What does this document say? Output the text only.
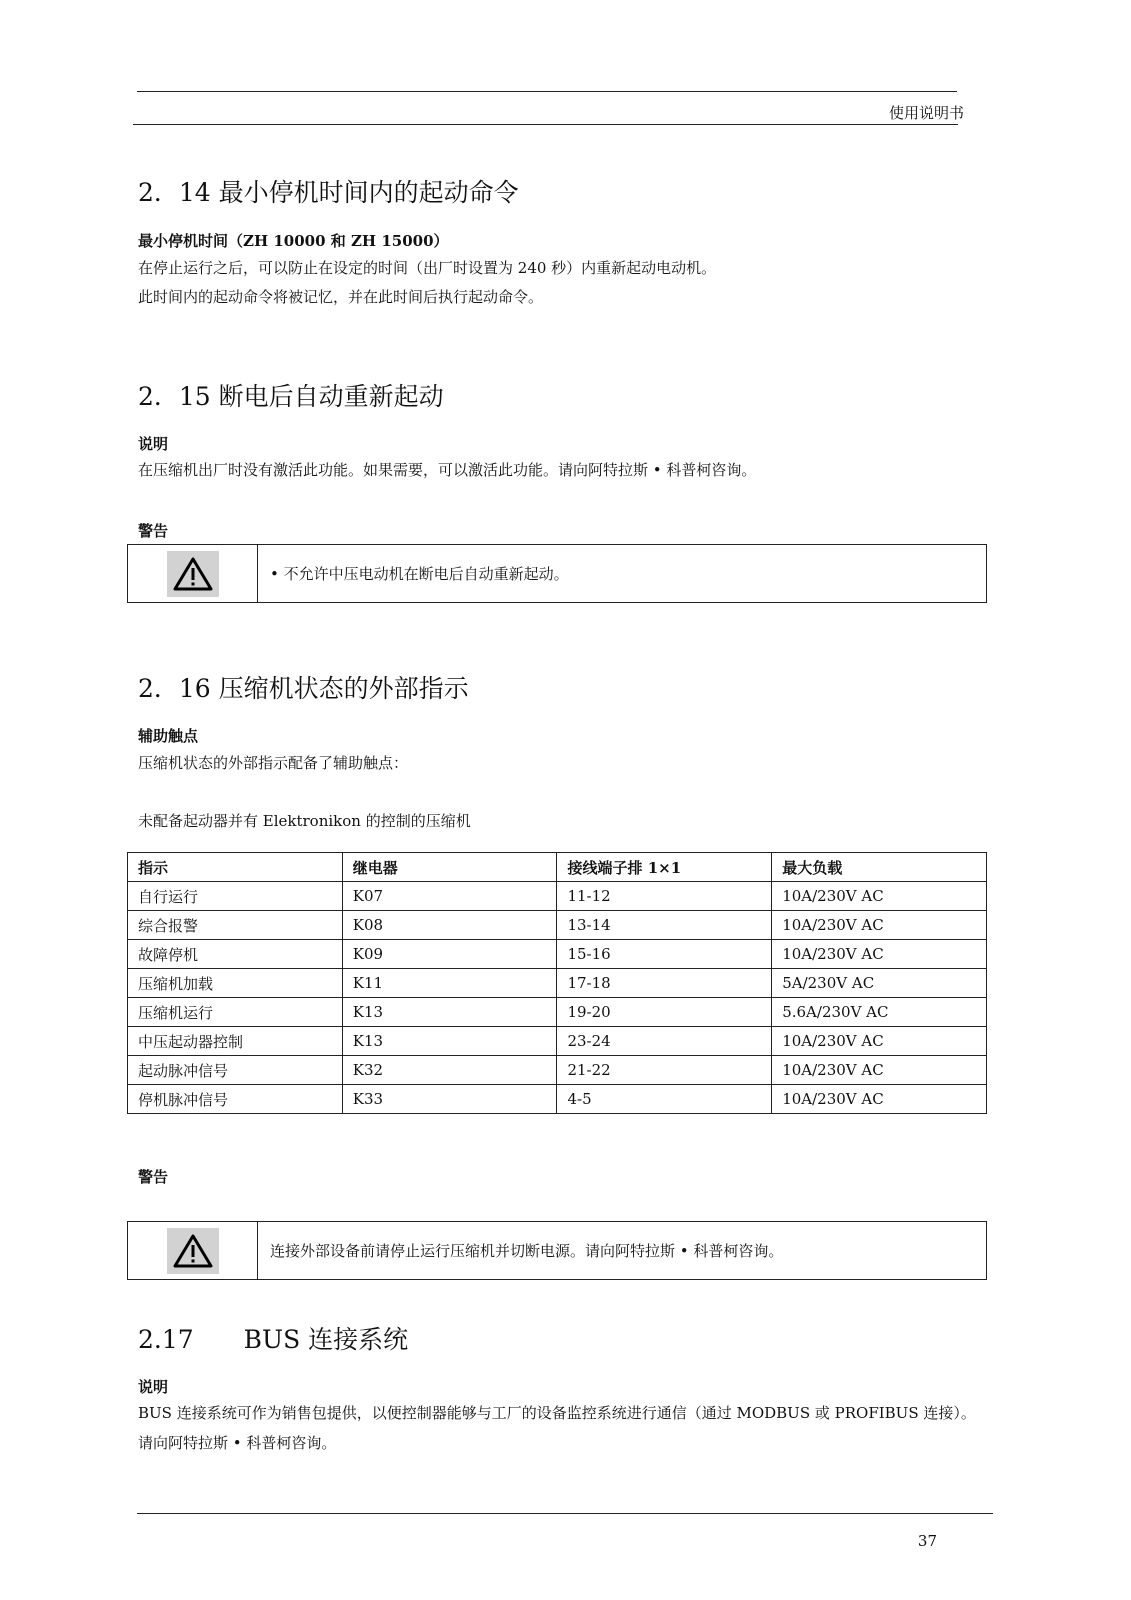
使用说明书
2．14 最小停机时间内的起动命令
最小停机时间（ZH 10000 和 ZH 15000）
在停止运行之后，可以防止在设定的时间（出厂时设置为 240 秒）内重新起动电动机。
此时间内的起动命令将被记忆，并在此时间后执行起动命令。
2．15 断电后自动重新起动
说明
在压缩机出厂时没有激活此功能。如果需要，可以激活此功能。请向阿特拉斯 • 科普柯咨询。
警告
• 不允许中压电动机在断电后自动重新起动。
2．16 压缩机状态的外部指示
辅助触点
压缩机状态的外部指示配备了辅助触点：
未配备起动器并有 Elektronikon 的控制的压缩机
指示	继电器	接线端子排 1×1	最大负载
自行运行	K07	11-12	10A/230V AC
综合报警	K08	13-14	10A/230V AC
故障停机	K09	15-16	10A/230V AC
压缩机加载	K11	17-18	5A/230V AC
压缩机运行	K13	19-20	5.6A/230V AC
中压起动器控制	K13	23-24	10A/230V AC
起动脉冲信号	K32	21-22	10A/230V AC
停机脉冲信号	K33	4-5	10A/230V AC
警告
连接外部设备前请停止运行压缩机并切断电源。请向阿特拉斯 • 科普柯咨询。
2.17　　BUS 连接系统
说明
BUS 连接系统可作为销售包提供，以便控制器能够与工厂的设备监控系统进行通信（通过 MODBUS 或 PROFIBUS 连接）。请向阿特拉斯 • 科普柯咨询。
37
